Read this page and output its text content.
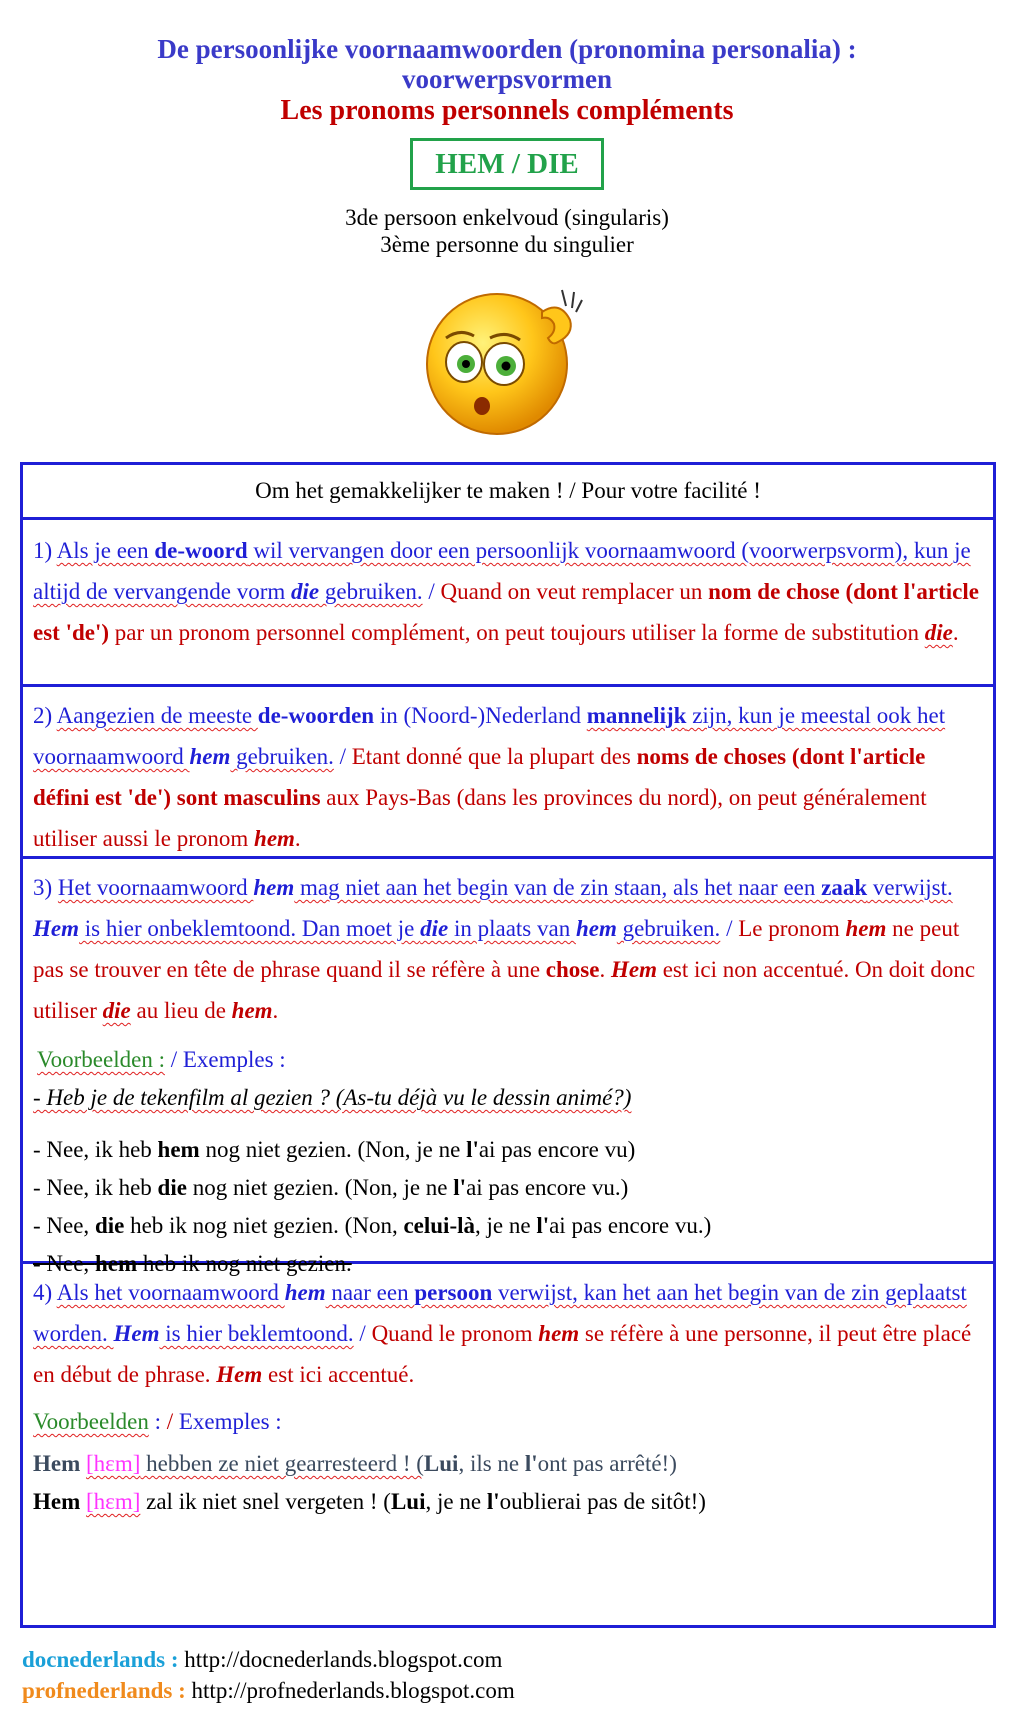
De persoonlijke voornaamwoorden (pronomina personalia) :
voorwerpsvormen

Les pronoms personnels compléments

HEM / DIE

3de persoon enkelvoud (singularis)

3ème personne du singulier

Om het gemakkelijker te maken ! / Pour votre facilité !

1) Als je een de-woord wil vervangen door een persoonlijk voornaamwoord (voorwerpsvorm), kun je altijd de vervangende vorm die gebruiken. / Quand on veut remplacer un nom de chose (dont l'article est 'de') par un pronom personnel complément, on peut toujours utiliser la forme de substitution die.

2) Aangezien de meeste de-woorden in (Noord-)Nederland mannelijk zijn, kun je meestal ook het voornaamwoord hem gebruiken. / Etant donné que la plupart des noms de choses (dont l'article défini est 'de') sont masculins aux Pays-Bas (dans les provinces du nord), on peut généralement utiliser aussi le pronom hem.

3) Het voornaamwoord hem mag niet aan het begin van de zin staan, als het naar een zaak verwijst. Hem is hier onbeklemtoond. Dan moet je die in plaats van hem gebruiken. / Le pronom hem ne peut pas se trouver en tête de phrase quand il se réfère à une chose. Hem est ici non accentué. On doit donc utiliser die au lieu de hem.

Voorbeelden : / Exemples :

- Heb je de tekenfilm al gezien ? (As-tu déjà vu le dessin animé?)

- Nee, ik heb hem nog niet gezien. (Non, je ne l'ai pas encore vu)

- Nee, ik heb die nog niet gezien. (Non, je ne l'ai pas encore vu.)

- Nee, die heb ik nog niet gezien. (Non, celui-là, je ne l'ai pas encore vu.)

- Nee, hem heb ik nog niet gezien.

4) Als het voornaamwoord hem naar een persoon verwijst, kan het aan het begin van de zin geplaatst worden. Hem is hier beklemtoond. / Quand le pronom hem se réfère à une personne, il peut être placé en début de phrase. Hem est ici accentué.

Voorbeelden : / Exemples :

Hem [hɛm] hebben ze niet gearresteerd ! (Lui, ils ne l'ont pas arrêté!)

Hem [hɛm] zal ik niet snel vergeten ! (Lui, je ne l'oublierai pas de sitôt!)

docnederlands : http://docnederlands.blogspot.com
profnederlands : http://profnederlands.blogspot.com
